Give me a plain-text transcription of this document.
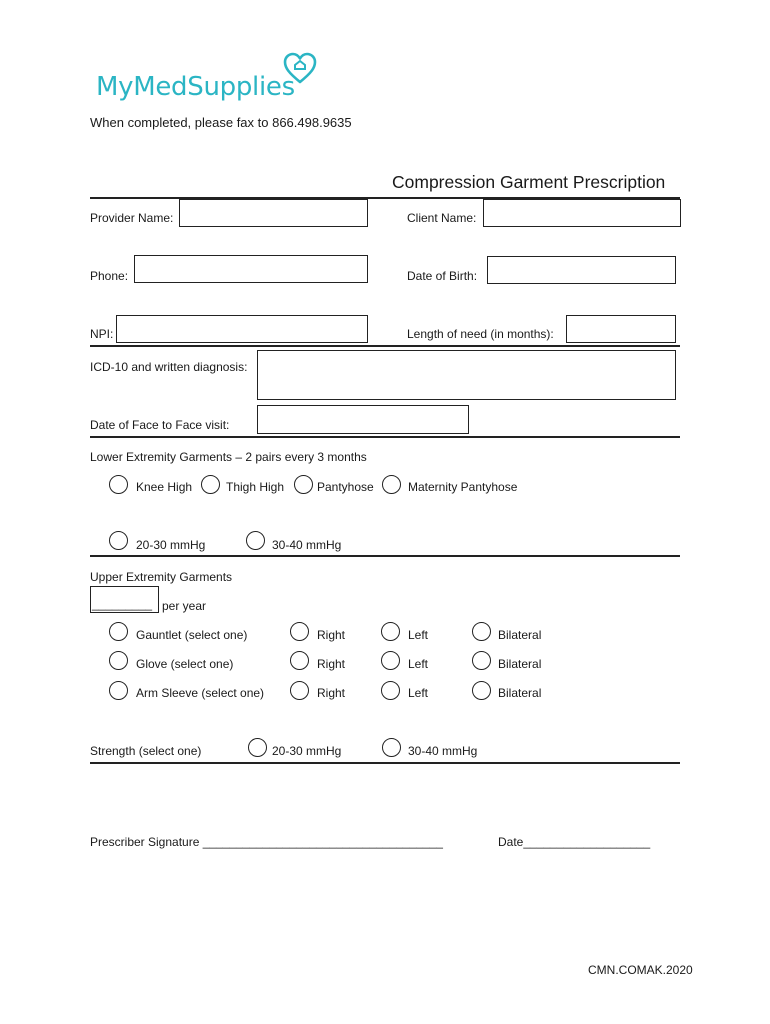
MyMedSupplies
When completed, please fax to 866.498.9635
Compression Garment Prescription
Provider Name:	Client Name:
Phone:	Date of Birth:
NPI:	Length of need (in months):
ICD-10 and written diagnosis:
Date of Face to Face visit:
Lower Extremity Garments – 2 pairs every 3 months
Knee High	Thigh High	Pantyhose	Maternity Pantyhose
20-30 mmHg	30-40 mmHg
Upper Extremity Garments
_________ per year
Gauntlet (select one)	Right	Left	Bilateral
Glove (select one)	Right	Left	Bilateral
Arm Sleeve (select one)	Right	Left	Bilateral
Strength (select one)	20-30 mmHg	30-40 mmHg
Prescriber Signature ____________________________________	Date___________________
CMN.COMAK.2020
